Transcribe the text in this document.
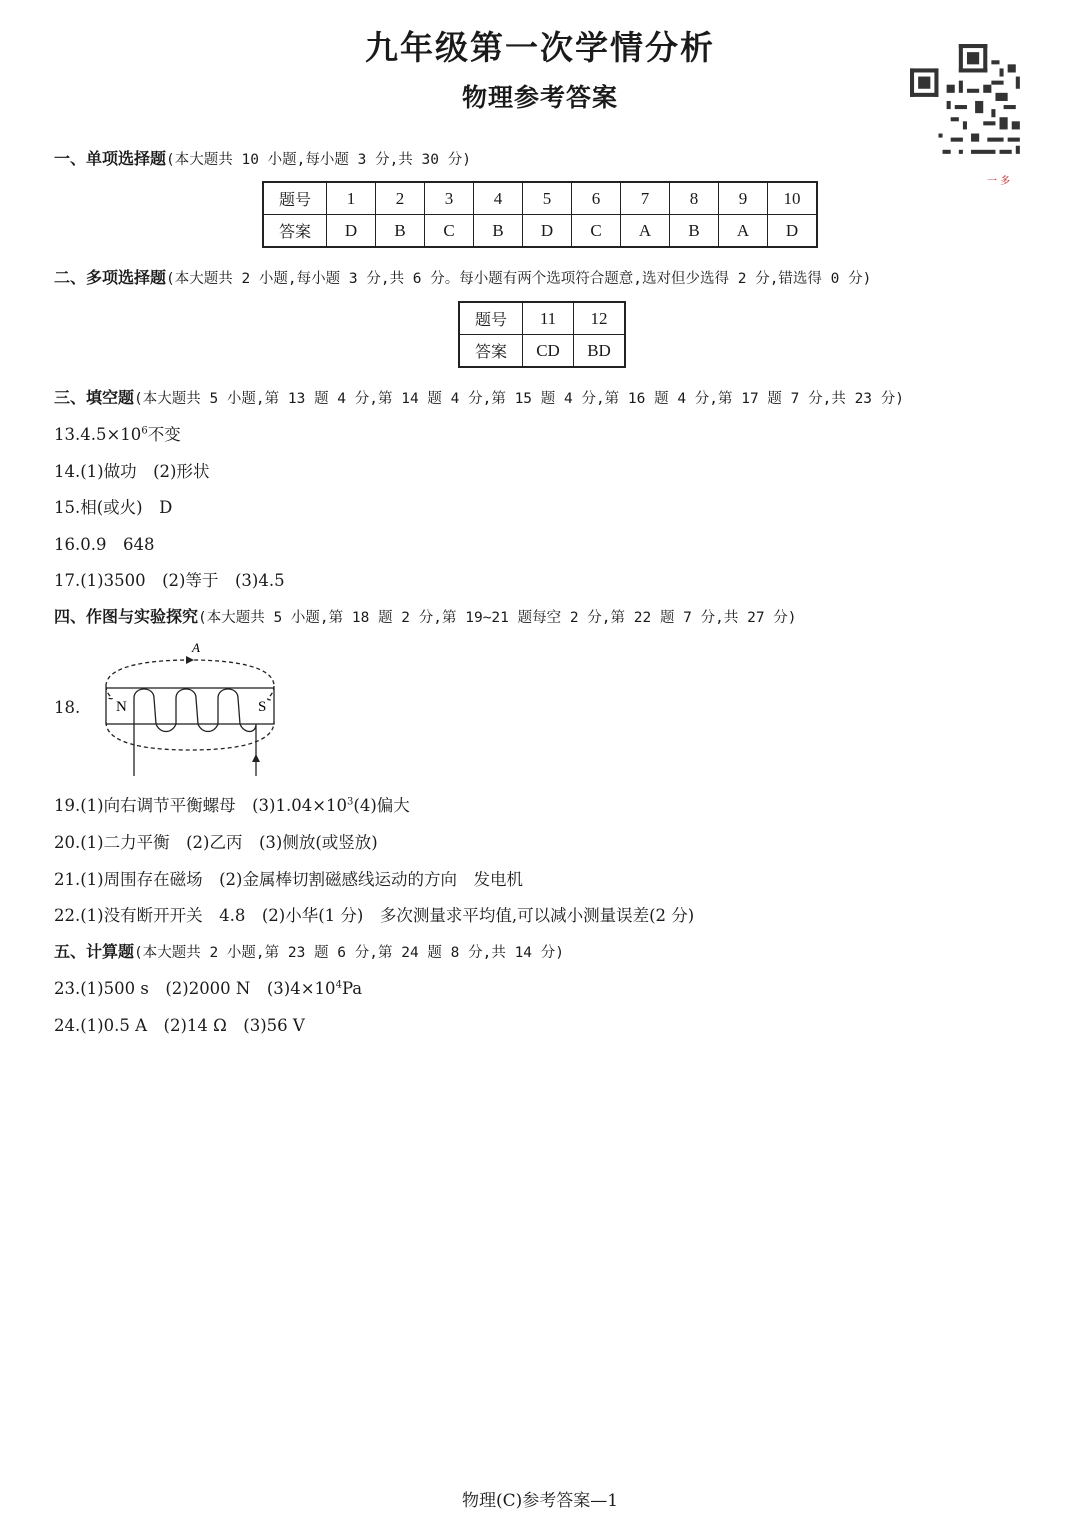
九年级第一次学情分析
物理参考答案
一 多
一、单项选择题(本大题共 10 小题,每小题 3 分,共 30 分)
题号	1	2	3	4	5	6	7	8	9	10
答案	D	B	C	B	D	C	A	B	A	D
二、多项选择题(本大题共 2 小题,每小题 3 分,共 6 分。每小题有两个选项符合题意,选对但少选得 2 分,错选得 0 分)
题号	11	12
答案	CD	BD
三、填空题(本大题共 5 小题,第 13 题 4 分,第 14 题 4 分,第 15 题 4 分,第 16 题 4 分,第 17 题 7 分,共 23 分)
$13.4.5\times 10^6$不变
14.(1)做功　(2)形状
15.相(或火)　D
16.0.9　648
17.(1)3500　(2)等于　(3)4.5
四、作图与实验探究(本大题共 5 小题,第 18 题 2 分,第 19~21 题每空 2 分,第 22 题 7 分,共 27 分)
18.
A
N	S
19.(1)向右调节平衡螺母　$(3)1.04\times 10^3(4)$偏大
20.(1)二力平衡　(2)乙丙　(3)侧放(或竖放)
21.(1)周围存在磁场　(2)金属棒切割磁感线运动的方向　发电机
22.(1)没有断开开关　4.8　(2)小华(1 分)　多次测量求平均值,可以减小测量误差(2 分)
五、计算题(本大题共 2 小题,第 23 题 6 分,第 24 题 8 分,共 14 分)
23.(1)500 s　(2)2000 N　$(3)4\times 10^4Pa$
24.(1)0.5 A　(2)14 Ω　(3)56 V
物理(C)参考答案—1
